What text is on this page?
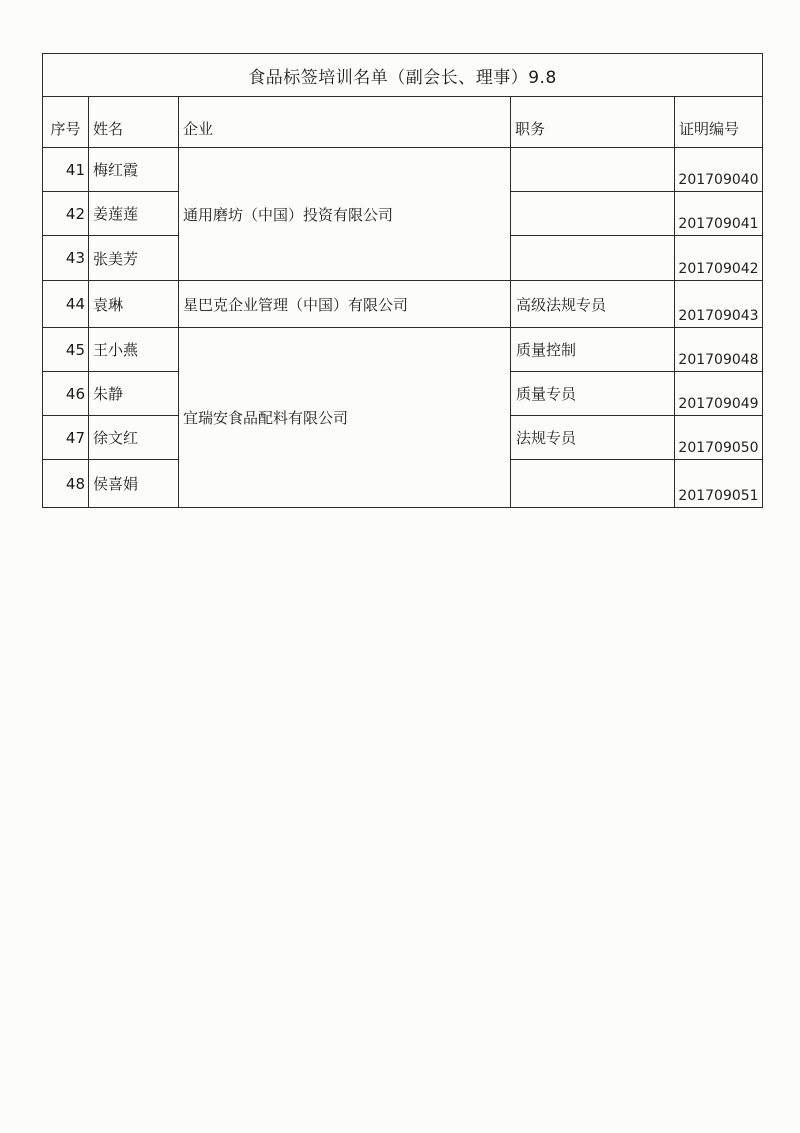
食品标签培训名单（副会长、理事）9.8				
序号	姓名	企业	职务	证明编号
41	梅红霞	通用磨坊（中国）投资有限公司		201709040
42	姜莲莲			201709041
43	张美芳			201709042
44	袁琳	星巴克企业管理（中国）有限公司	高级法规专员	201709043
45	王小燕	宜瑞安食品配料有限公司	质量控制	201709048
46	朱静		质量专员	201709049
47	徐文红		法规专员	201709050
48	侯喜娟			201709051
